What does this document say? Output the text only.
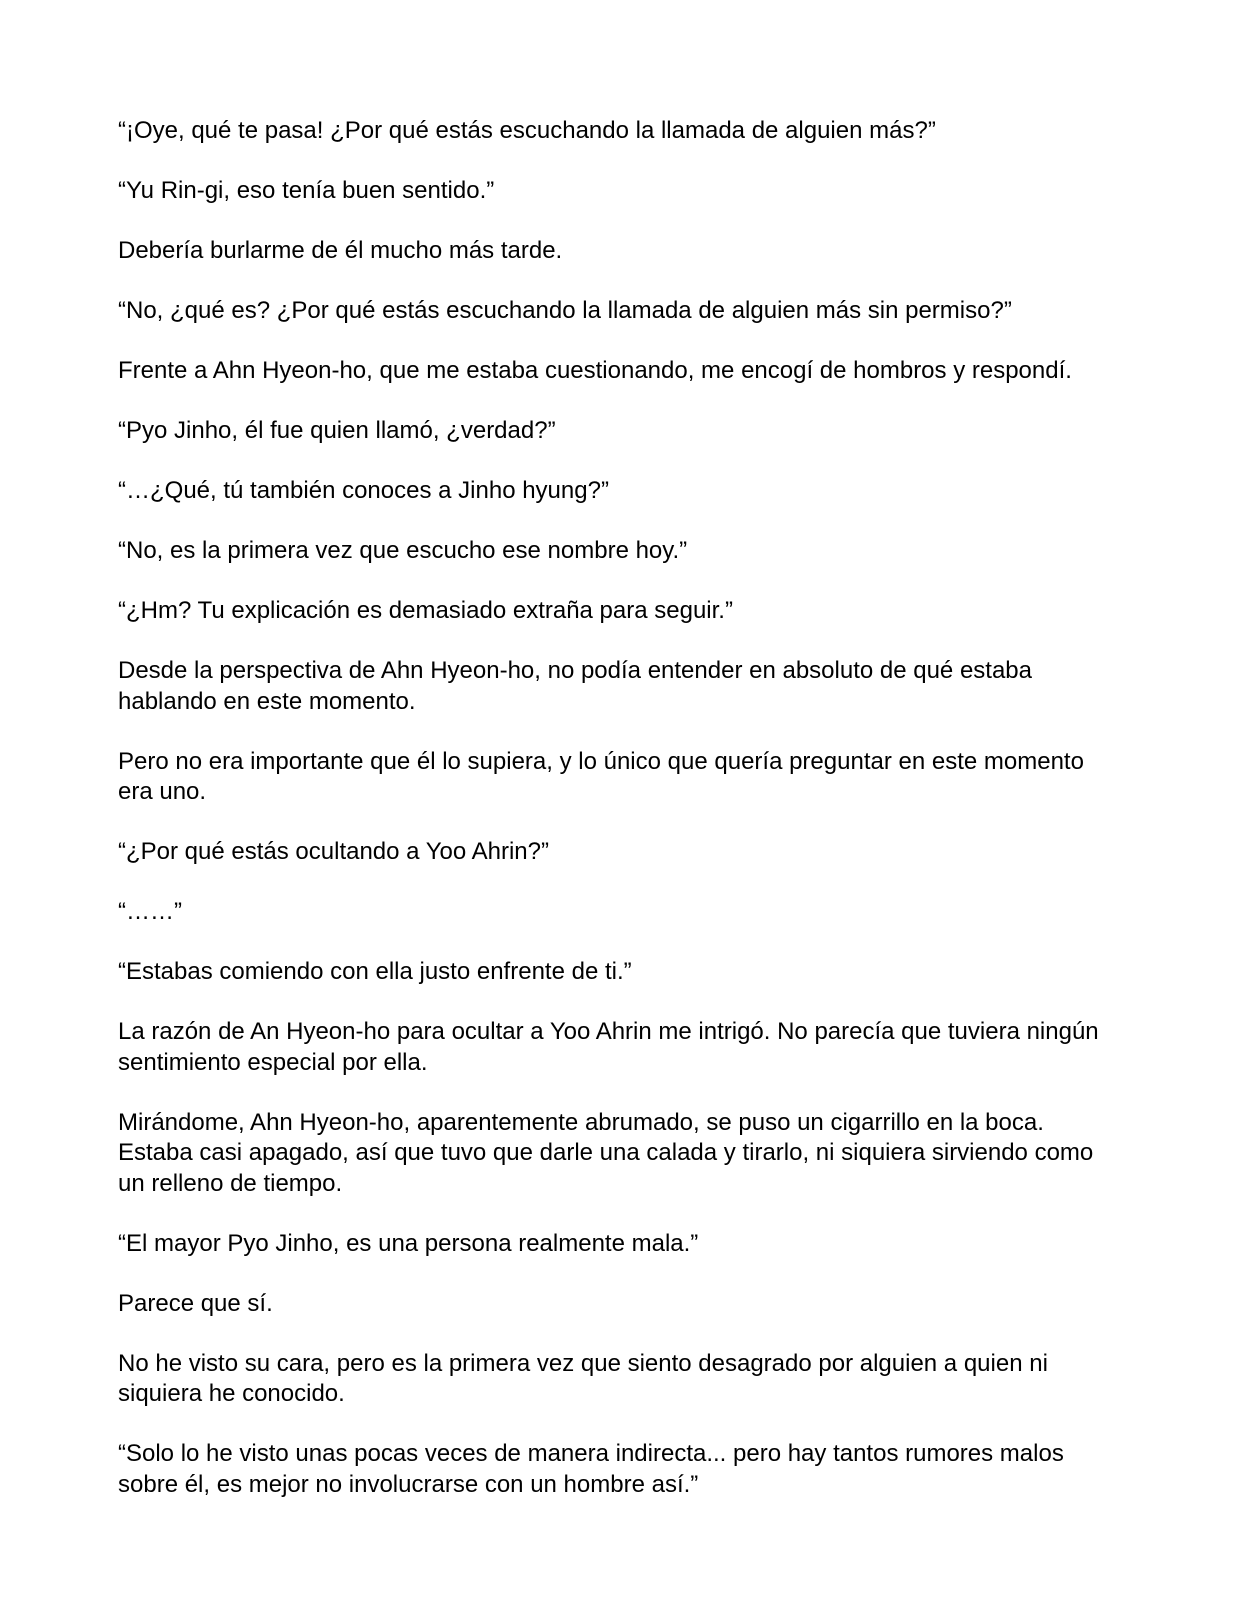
“¡Oye, qué te pasa! ¿Por qué estás escuchando la llamada de alguien más?”

“Yu Rin-gi, eso tenía buen sentido.”

Debería burlarme de él mucho más tarde.

“No, ¿qué es? ¿Por qué estás escuchando la llamada de alguien más sin permiso?”

Frente a Ahn Hyeon-ho, que me estaba cuestionando, me encogí de hombros y respondí.

“Pyo Jinho, él fue quien llamó, ¿verdad?”

“…¿Qué, tú también conoces a Jinho hyung?”

“No, es la primera vez que escucho ese nombre hoy.”

“¿Hm? Tu explicación es demasiado extraña para seguir.”

Desde la perspectiva de Ahn Hyeon-ho, no podía entender en absoluto de qué estaba hablando en este momento.

Pero no era importante que él lo supiera, y lo único que quería preguntar en este momento era uno.

“¿Por qué estás ocultando a Yoo Ahrin?”

“……”

“Estabas comiendo con ella justo enfrente de ti.”

La razón de An Hyeon-ho para ocultar a Yoo Ahrin me intrigó. No parecía que tuviera ningún sentimiento especial por ella.

Mirándome, Ahn Hyeon-ho, aparentemente abrumado, se puso un cigarrillo en la boca. Estaba casi apagado, así que tuvo que darle una calada y tirarlo, ni siquiera sirviendo como un relleno de tiempo.

“El mayor Pyo Jinho, es una persona realmente mala.”

Parece que sí.

No he visto su cara, pero es la primera vez que siento desagrado por alguien a quien ni siquiera he conocido.

“Solo lo he visto unas pocas veces de manera indirecta... pero hay tantos rumores malos sobre él, es mejor no involucrarse con un hombre así.”
